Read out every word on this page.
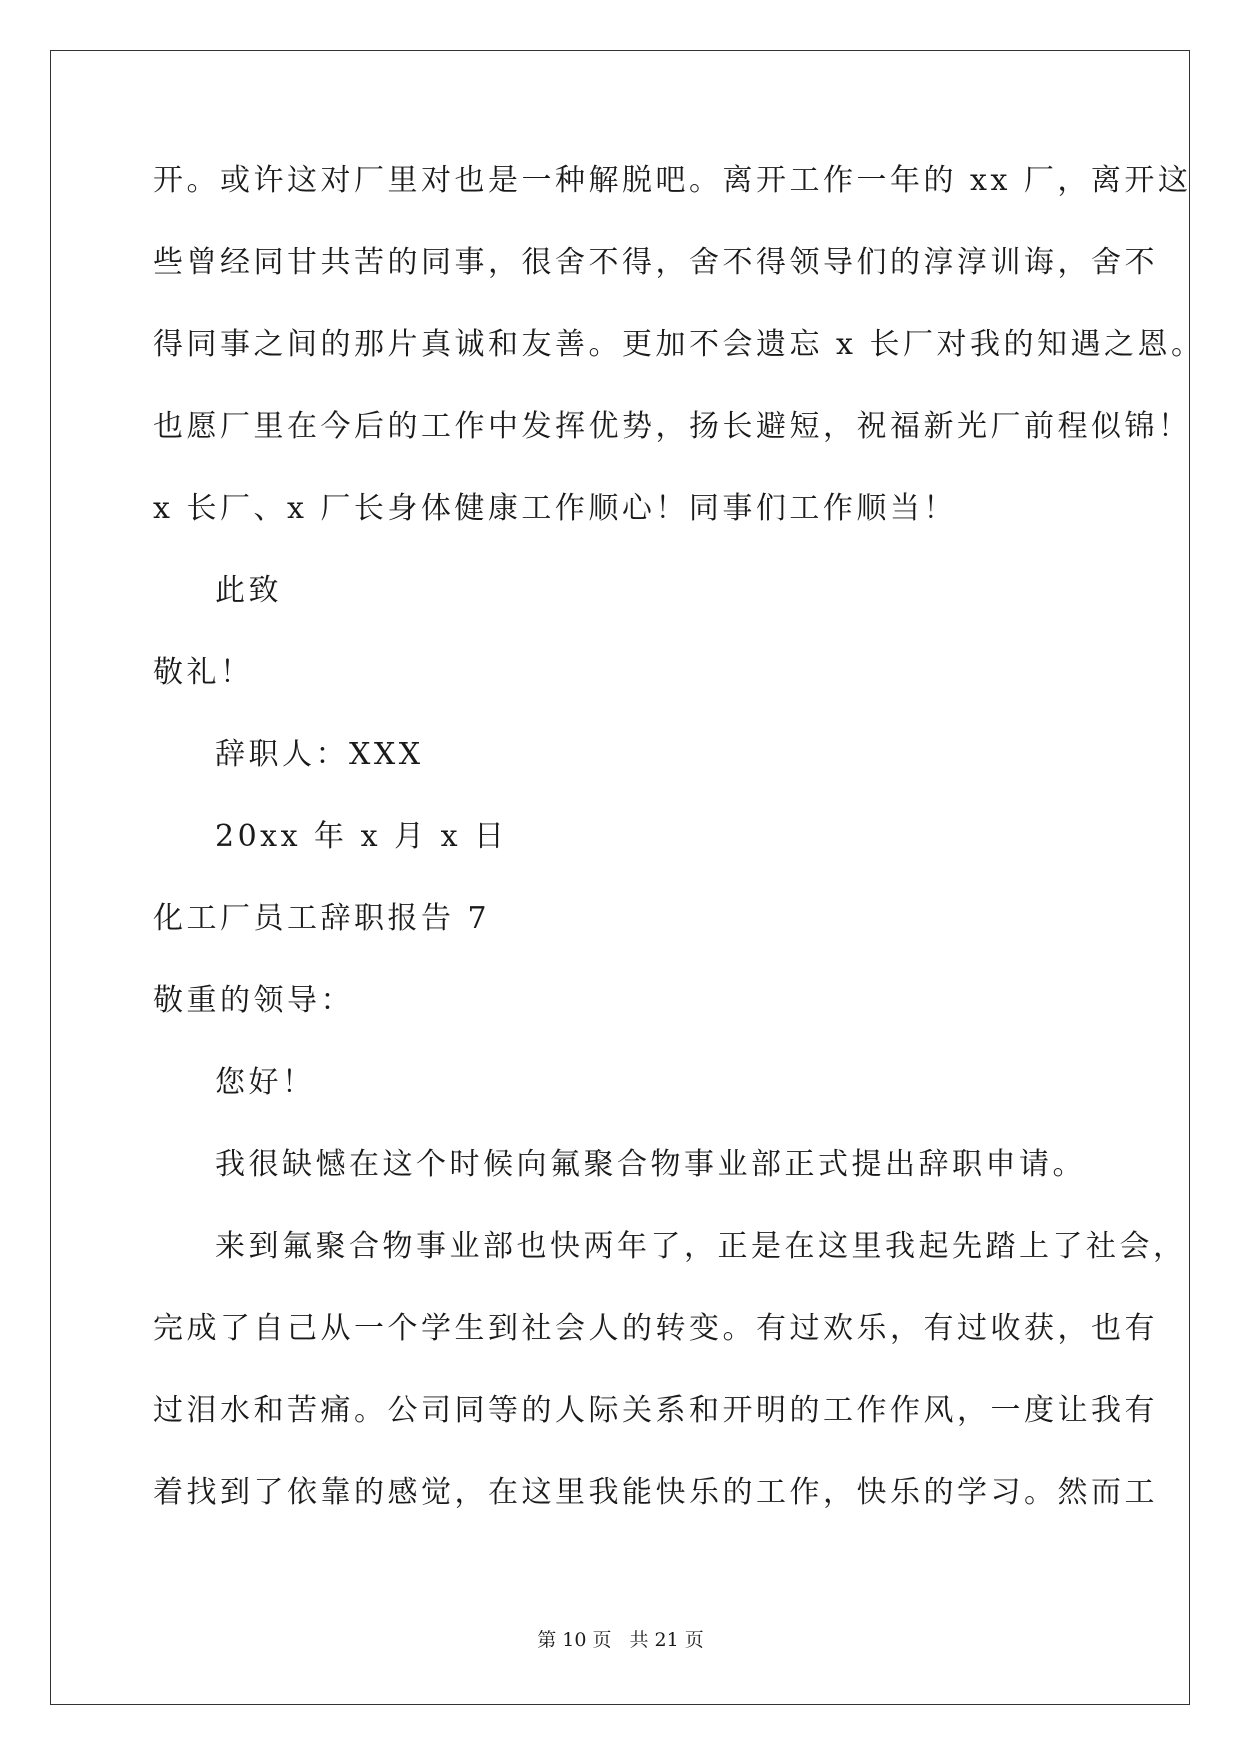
开。或许这对厂里对也是一种解脱吧。离开工作一年的 xx 厂，离开这
些曾经同甘共苦的同事，很舍不得，舍不得领导们的淳淳训诲，舍不
得同事之间的那片真诚和友善。更加不会遗忘 x 长厂对我的知遇之恩。
也愿厂里在今后的工作中发挥优势，扬长避短，祝福新光厂前程似锦！
x 长厂、x 厂长身体健康工作顺心！同事们工作顺当！
此致
敬礼！
辞职人：XXX
20xx 年 x 月 x 日
化工厂员工辞职报告 7
敬重的领导：
您好！
我很缺憾在这个时候向氟聚合物事业部正式提出辞职申请。
来到氟聚合物事业部也快两年了，正是在这里我起先踏上了社会，
完成了自己从一个学生到社会人的转变。有过欢乐，有过收获，也有
过泪水和苦痛。公司同等的人际关系和开明的工作作风，一度让我有
着找到了依靠的感觉，在这里我能快乐的工作，快乐的学习。然而工
第 10 页 共 21 页
